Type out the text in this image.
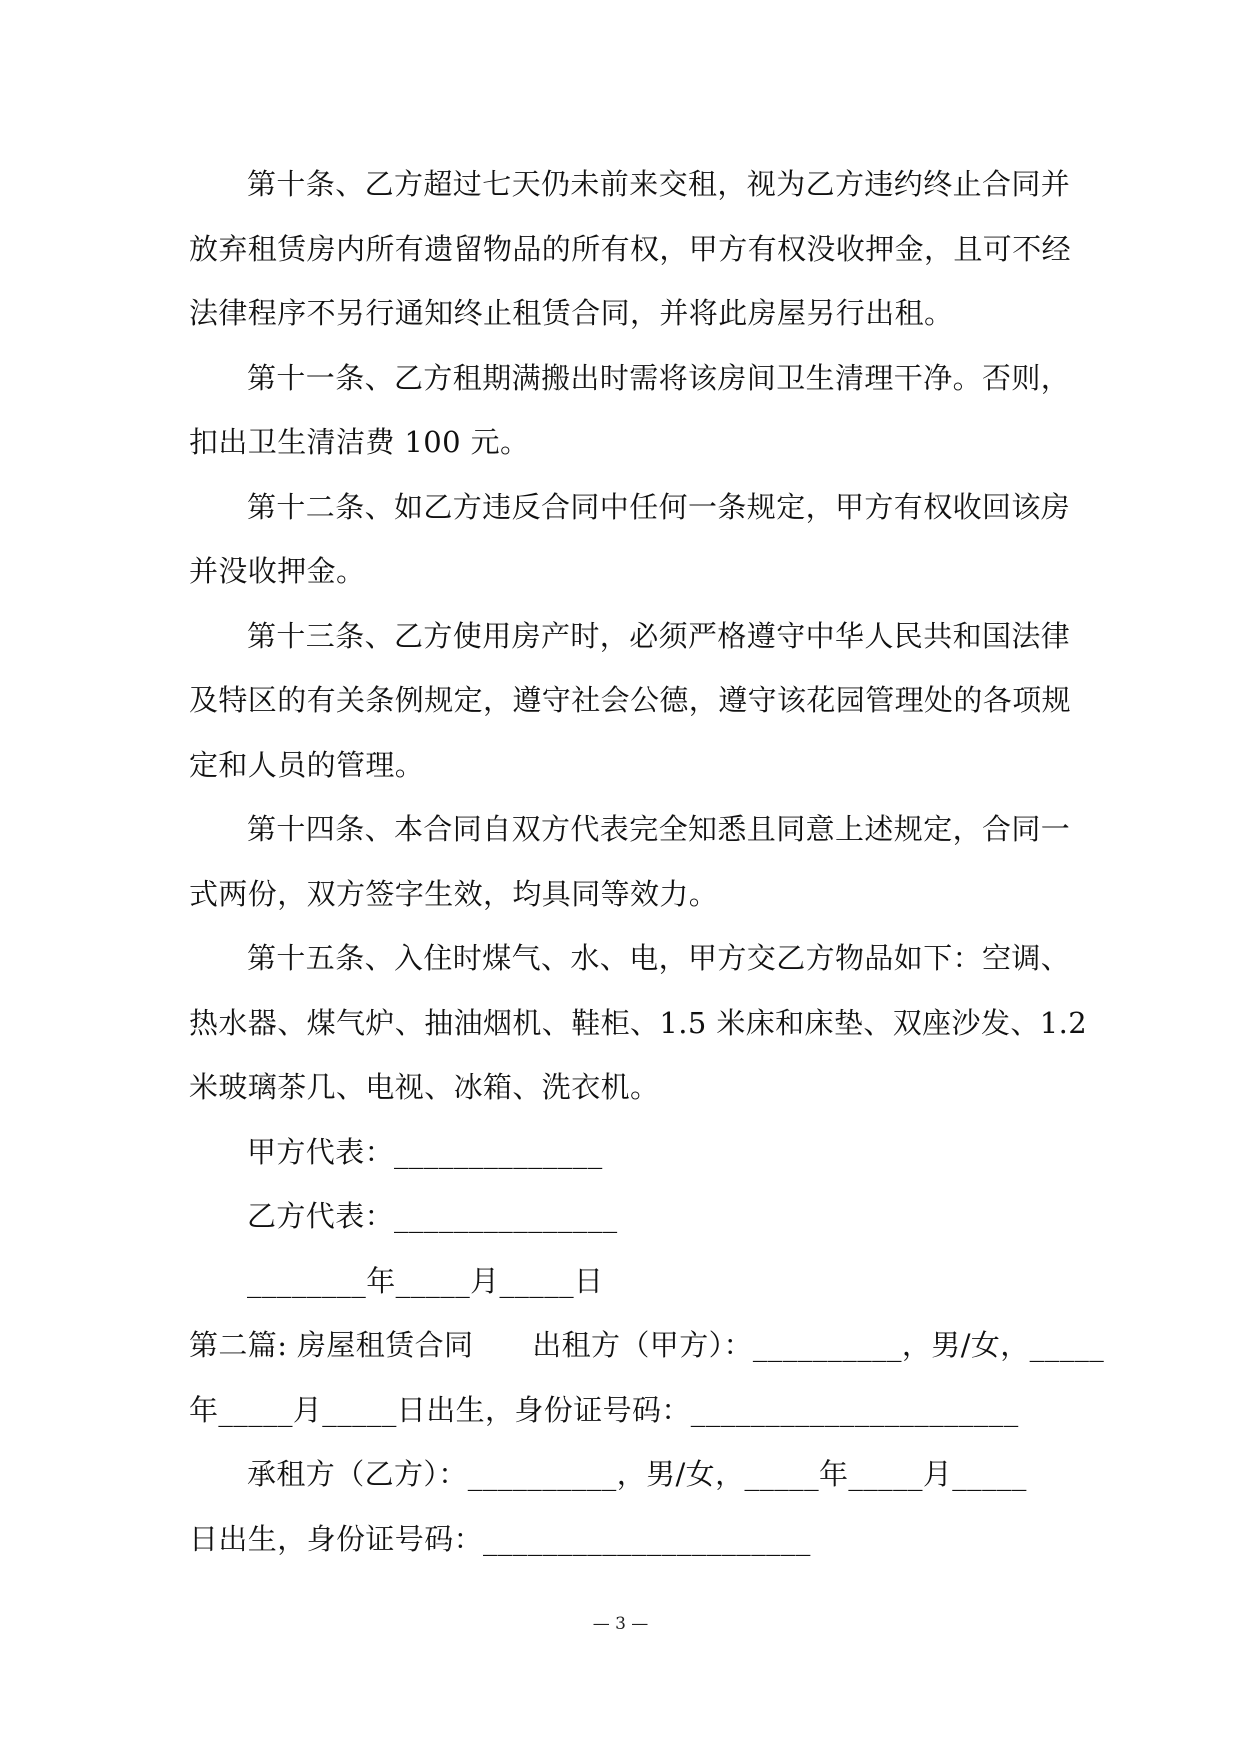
第十条、乙方超过七天仍未前来交租，视为乙方违约终止合同并
放弃租赁房内所有遗留物品的所有权，甲方有权没收押金，且可不经
法律程序不另行通知终止租赁合同，并将此房屋另行出租。
第十一条、乙方租期满搬出时需将该房间卫生清理干净。否则，
扣出卫生清洁费 100 元。
第十二条、如乙方违反合同中任何一条规定，甲方有权收回该房
并没收押金。
第十三条、乙方使用房产时，必须严格遵守中华人民共和国法律
及特区的有关条例规定，遵守社会公德，遵守该花园管理处的各项规
定和人员的管理。
第十四条、本合同自双方代表完全知悉且同意上述规定，合同一
式两份，双方签字生效，均具同等效力。
第十五条、入住时煤气、水、电，甲方交乙方物品如下：空调、
热水器、煤气炉、抽油烟机、鞋柜、1.5 米床和床垫、双座沙发、1.2
米玻璃茶几、电视、冰箱、洗衣机。
甲方代表：______________
乙方代表：_______________
________年_____月_____日
第二篇: 房屋租赁合同　　出租方（甲方）：__________，男/女，_____
年_____月_____日出生，身份证号码：______________________
承租方（乙方）：__________，男/女，_____年_____月_____
日出生，身份证号码：______________________
— 3 —
